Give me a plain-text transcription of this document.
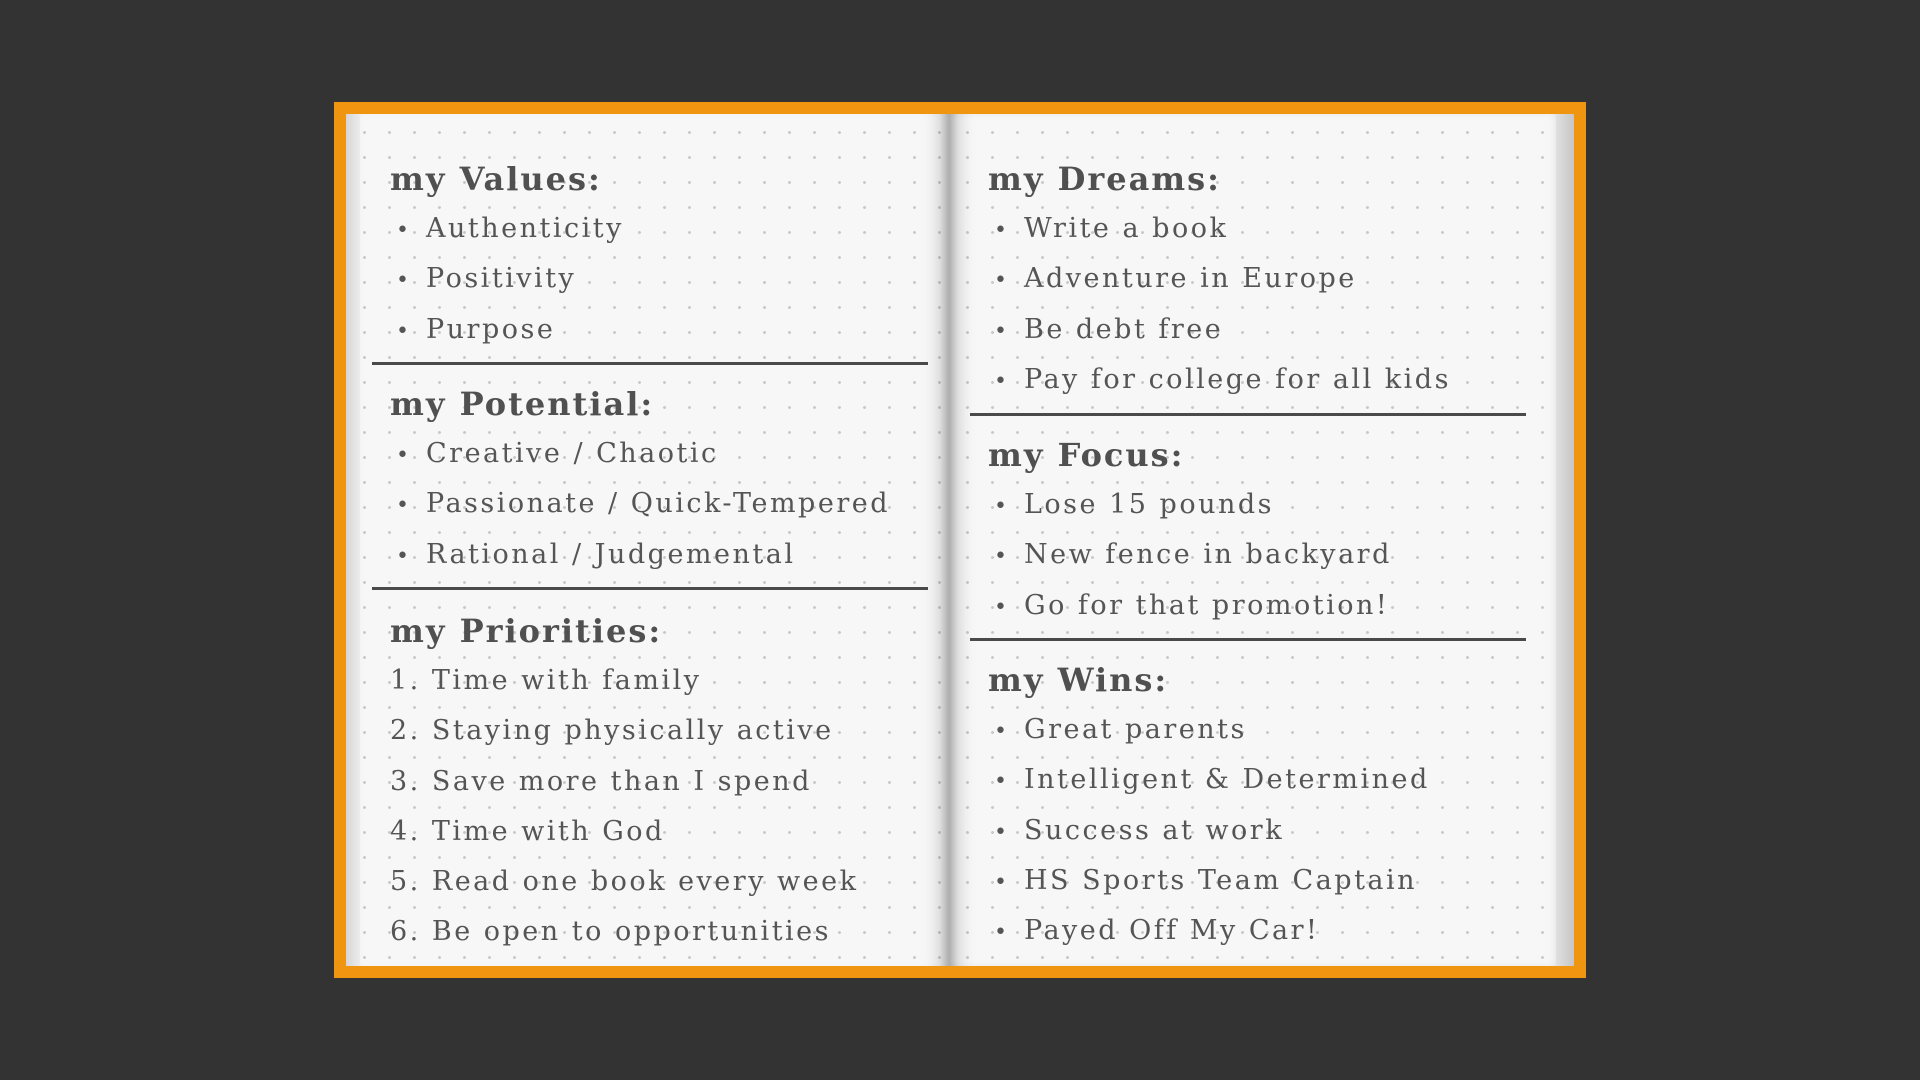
my Values:
• Authenticity
• Positivity
• Purpose
my Potential:
• Creative / Chaotic
• Passionate / Quick-Tempered
• Rational / Judgemental
my Priorities:
1. Time with family
2. Staying physically active
3. Save more than I spend
4. Time with God
5. Read one book every week
6. Be open to opportunities
my Dreams:
• Write a book
• Adventure in Europe
• Be debt free
• Pay for college for all kids
my Focus:
• Lose 15 pounds
• New fence in backyard
• Go for that promotion!
my Wins:
• Great parents
• Intelligent & Determined
• Success at work
• HS Sports Team Captain
• Payed Off My Car!
